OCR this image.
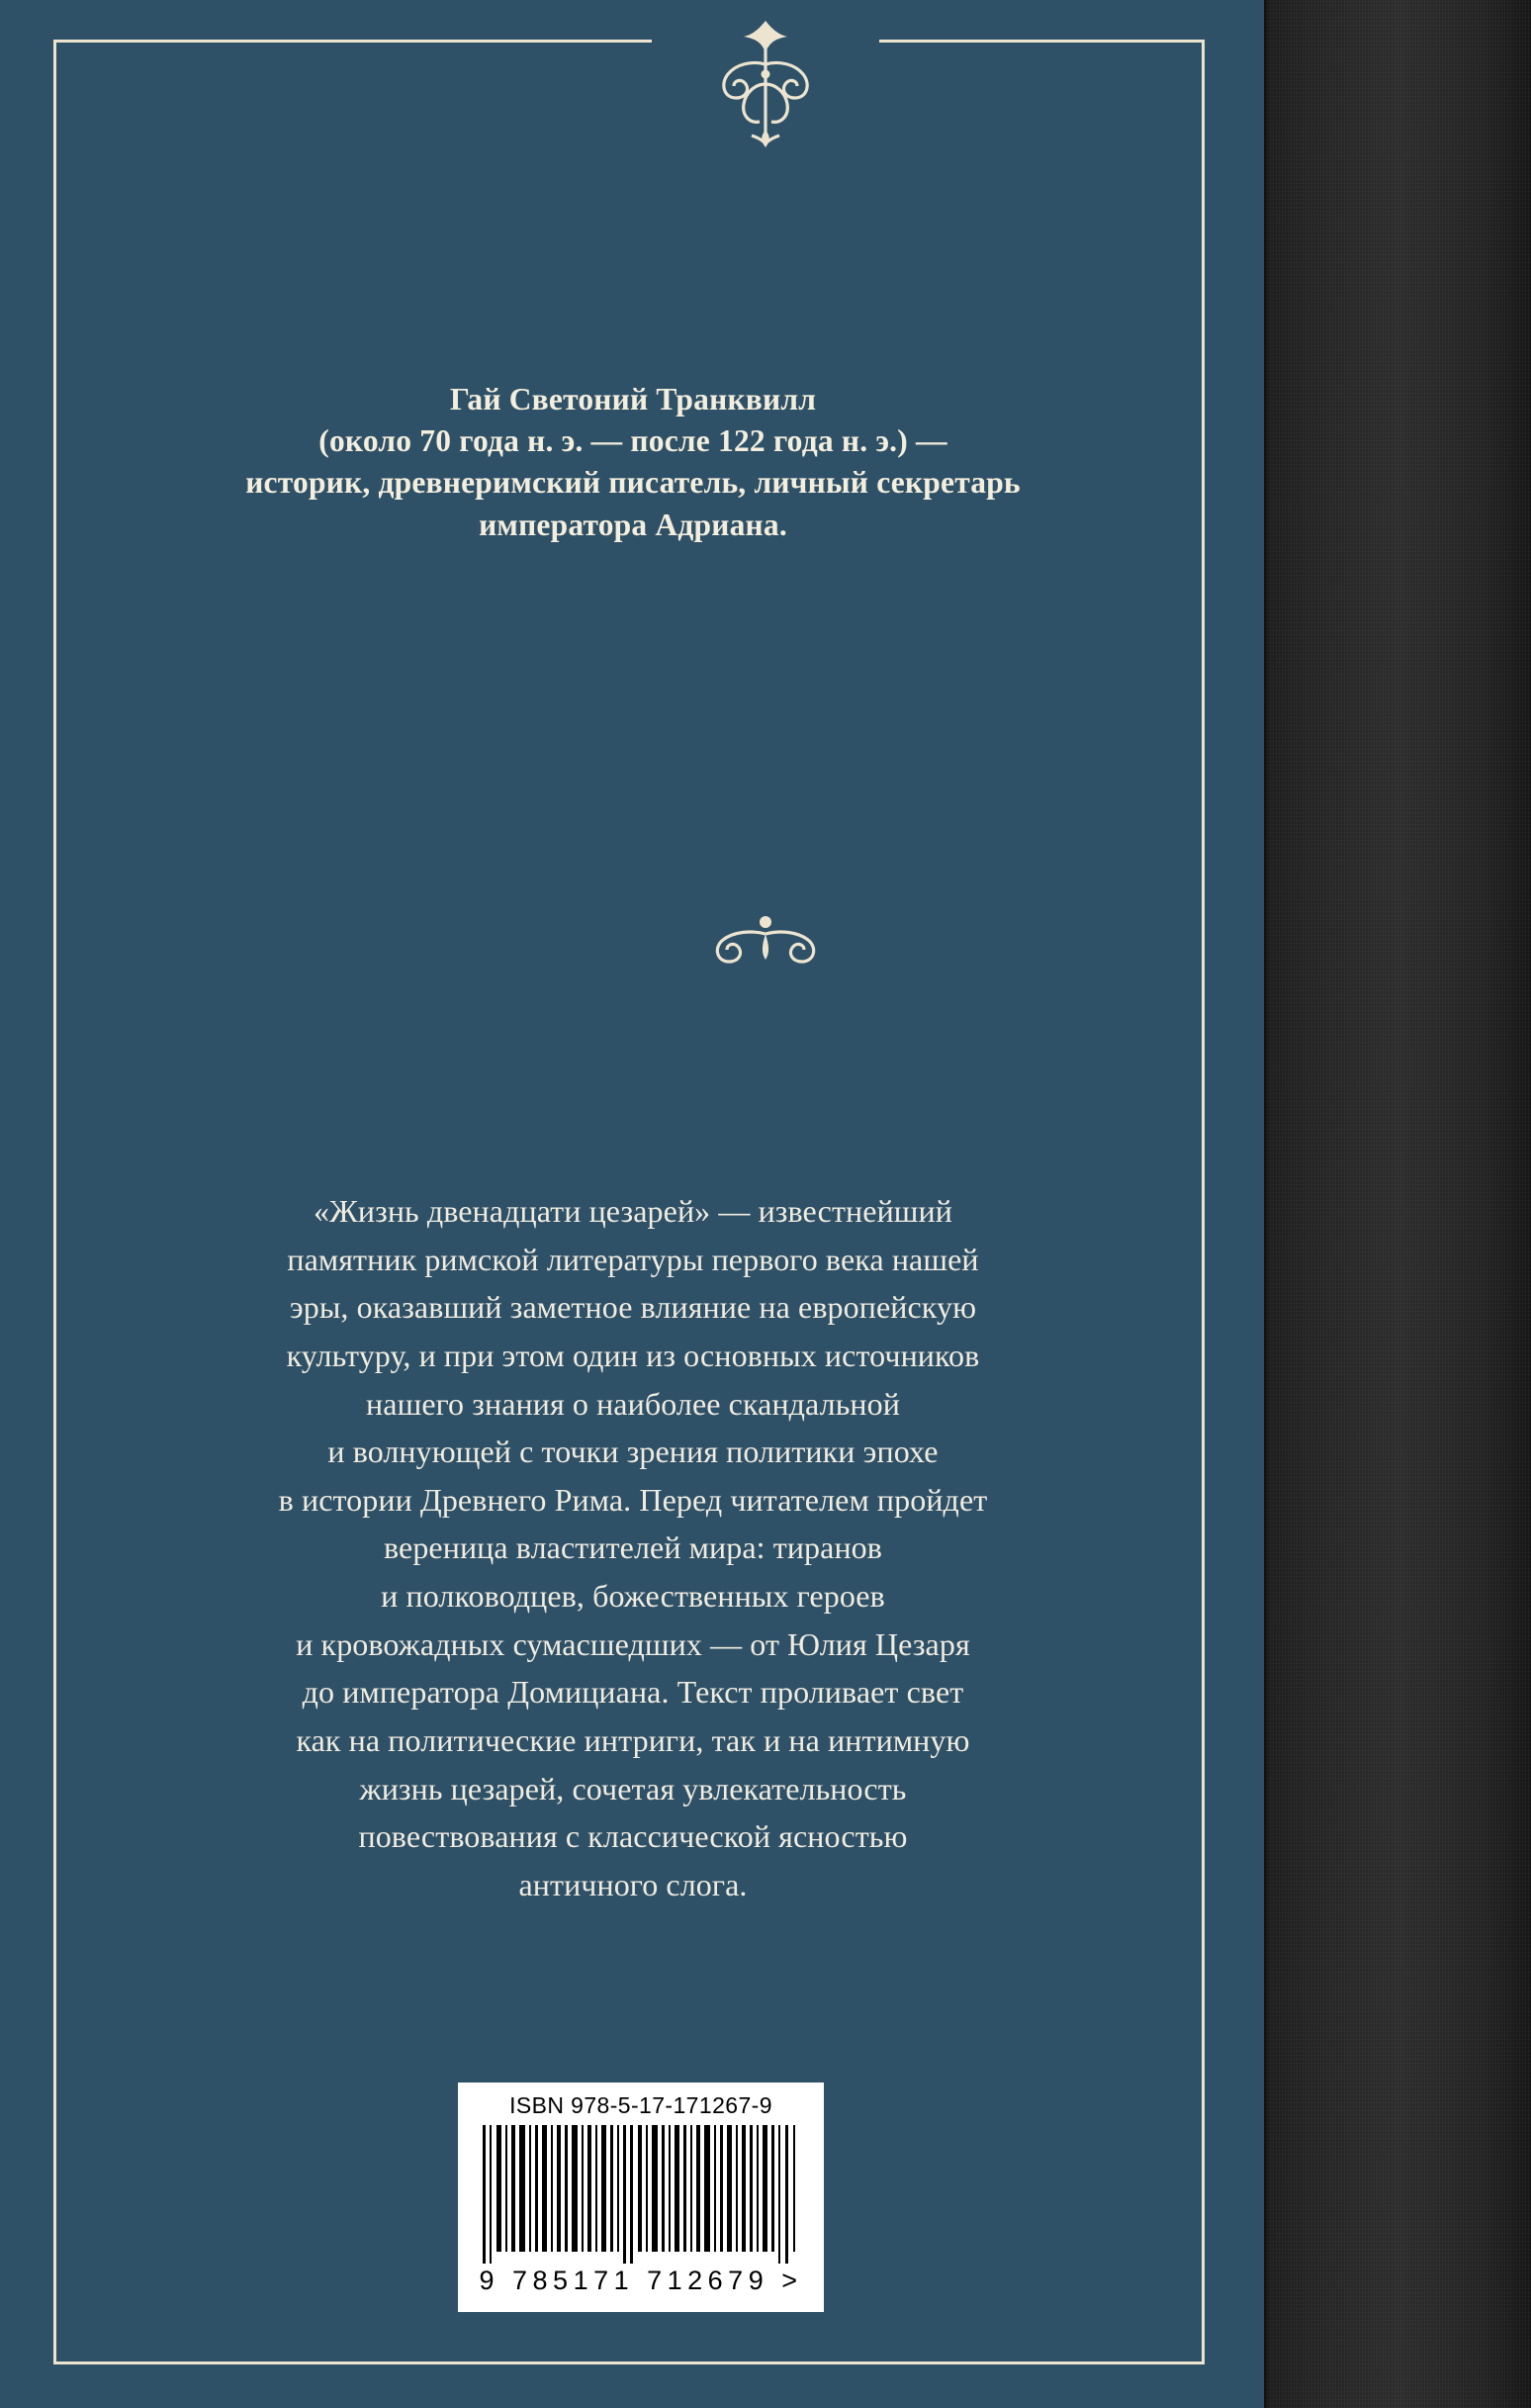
Гай Светоний Транквилл
(около 70 года н. э. — после 122 года н. э.) —
историк, древнеримский писатель, личный секретарь
императора Адриана.
«Жизнь двенадцати цезарей» — известнейший
памятник римской литературы первого века нашей
эры, оказавший заметное влияние на европейскую
культуру, и при этом один из основных источников
нашего знания о наиболее скандальной
и волнующей с точки зрения политики эпохе
в истории Древнего Рима. Перед читателем пройдет
вереница властителей мира: тиранов
и полководцев, божественных героев
и кровожадных сумасшедших — от Юлия Цезаря
до императора Домициана. Текст проливает свет
как на политические интриги, так и на интимную
жизнь цезарей, сочетая увлекательность
повествования с классической ясностью
античного слога.
ISBN 978-5-17-171267-9
9 785171 712679 >
